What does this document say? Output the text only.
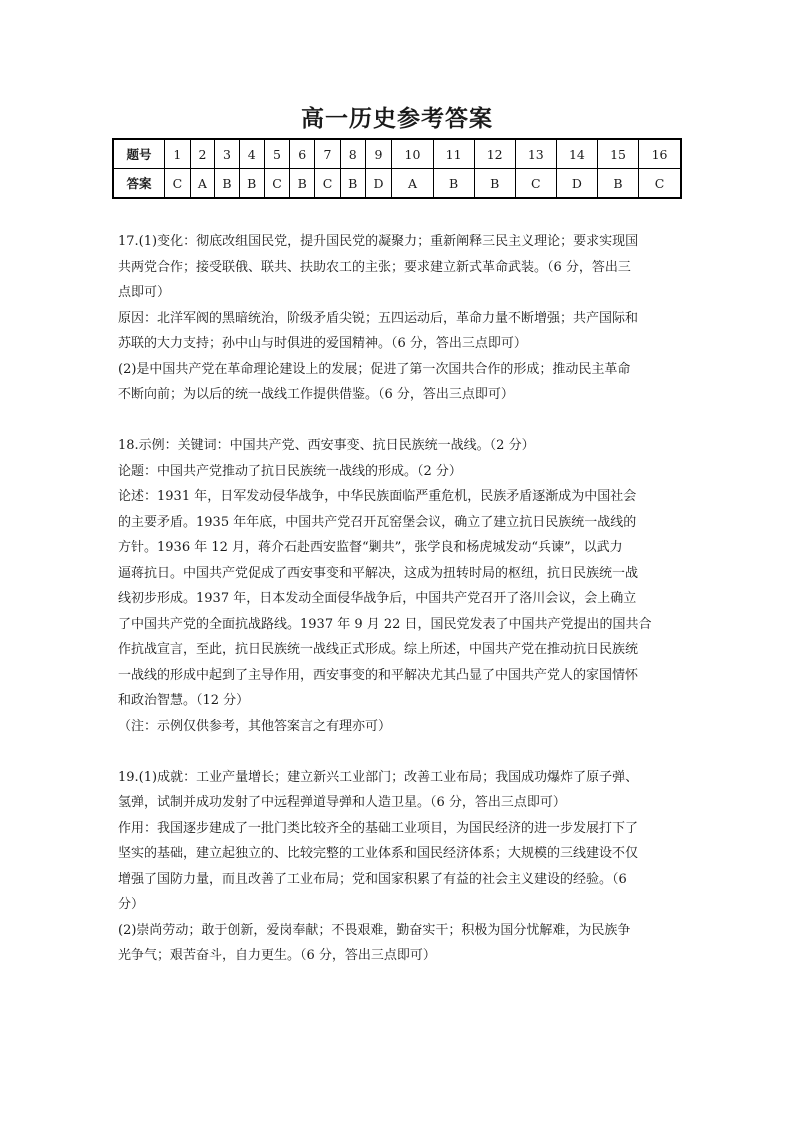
高一历史参考答案
题号	1	2	3	4	5	6	7	8	9	10	11	12	13	14	15	16
答案	C	A	B	B	C	B	C	B	D	A	B	B	C	D	B	C

17.(1)变化：彻底改组国民党，提升国民党的凝聚力；重新阐释三民主义理论；要求实现国

共两党合作；接受联俄、联共、扶助农工的主张；要求建立新式革命武装。（6 分，答出三

点即可）

原因：北洋军阀的黑暗统治，阶级矛盾尖锐；五四运动后，革命力量不断增强；共产国际和

苏联的大力支持；孙中山与时俱进的爱国精神。（6 分，答出三点即可）

(2)是中国共产党在革命理论建设上的发展；促进了第一次国共合作的形成；推动民主革命

不断向前；为以后的统一战线工作提供借鉴。（6 分，答出三点即可）

18.示例：关键词：中国共产党、西安事变、抗日民族统一战线。（2 分）

论题：中国共产党推动了抗日民族统一战线的形成。（2 分）

论述：1931 年，日军发动侵华战争，中华民族面临严重危机，民族矛盾逐渐成为中国社会

的主要矛盾。1935 年年底，中国共产党召开瓦窑堡会议，确立了建立抗日民族统一战线的

方针。1936 年 12 月，蒋介石赴西安监督“剿共”，张学良和杨虎城发动“兵谏”，以武力

逼蒋抗日。中国共产党促成了西安事变和平解决，这成为扭转时局的枢纽，抗日民族统一战

线初步形成。1937 年，日本发动全面侵华战争后，中国共产党召开了洛川会议，会上确立

了中国共产党的全面抗战路线。1937 年 9 月 22 日，国民党发表了中国共产党提出的国共合

作抗战宣言，至此，抗日民族统一战线正式形成。综上所述，中国共产党在推动抗日民族统

一战线的形成中起到了主导作用，西安事变的和平解决尤其凸显了中国共产党人的家国情怀

和政治智慧。（12 分）

（注：示例仅供参考，其他答案言之有理亦可）

19.(1)成就：工业产量增长；建立新兴工业部门；改善工业布局；我国成功爆炸了原子弹、

氢弹，试制并成功发射了中远程弹道导弹和人造卫星。（6 分，答出三点即可）

作用：我国逐步建成了一批门类比较齐全的基础工业项目，为国民经济的进一步发展打下了

坚实的基础，建立起独立的、比较完整的工业体系和国民经济体系；大规模的三线建设不仅

增强了国防力量，而且改善了工业布局；党和国家积累了有益的社会主义建设的经验。（6

分）

(2)崇尚劳动；敢于创新，爱岗奉献；不畏艰难，勤奋实干；积极为国分忧解难，为民族争

光争气；艰苦奋斗，自力更生。（6 分，答出三点即可）
